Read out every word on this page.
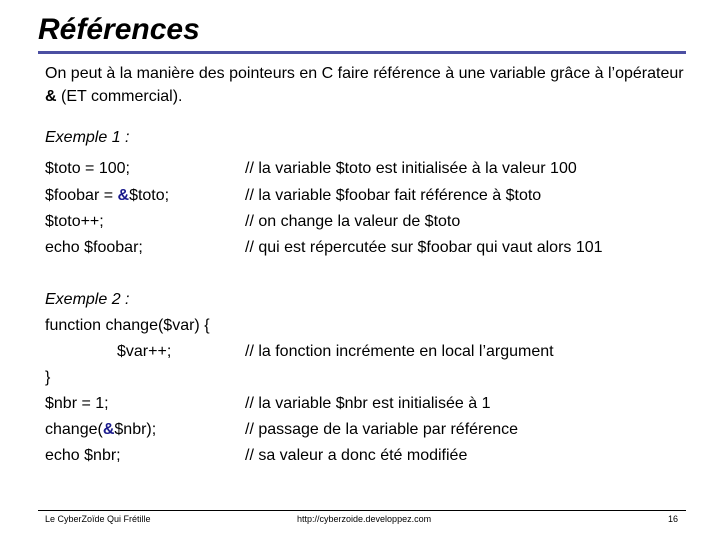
Références
On peut à la manière des pointeurs en C faire référence à une variable grâce à l’opérateur & (ET commercial).
Exemple 1 :
$toto = 100;	// la variable $toto est initialisée à la valeur 100
$foobar = &$toto;	// la variable $foobar fait référence à $toto
$toto++;	// on change la valeur de $toto
echo $foobar;	// qui est répercutée sur $foobar qui vaut alors 101
Exemple 2 :
function change($var) {
$var++;	// la fonction incrémente en local l’argument

}
$nbr = 1;	// la variable $nbr est initialisée à 1
change(&$nbr);	// passage de la variable par référence
echo $nbr;	// sa valeur a donc été modifiée
Le CyberZoïde Qui Frétille	http://cyberzoide.developpez.com	16
